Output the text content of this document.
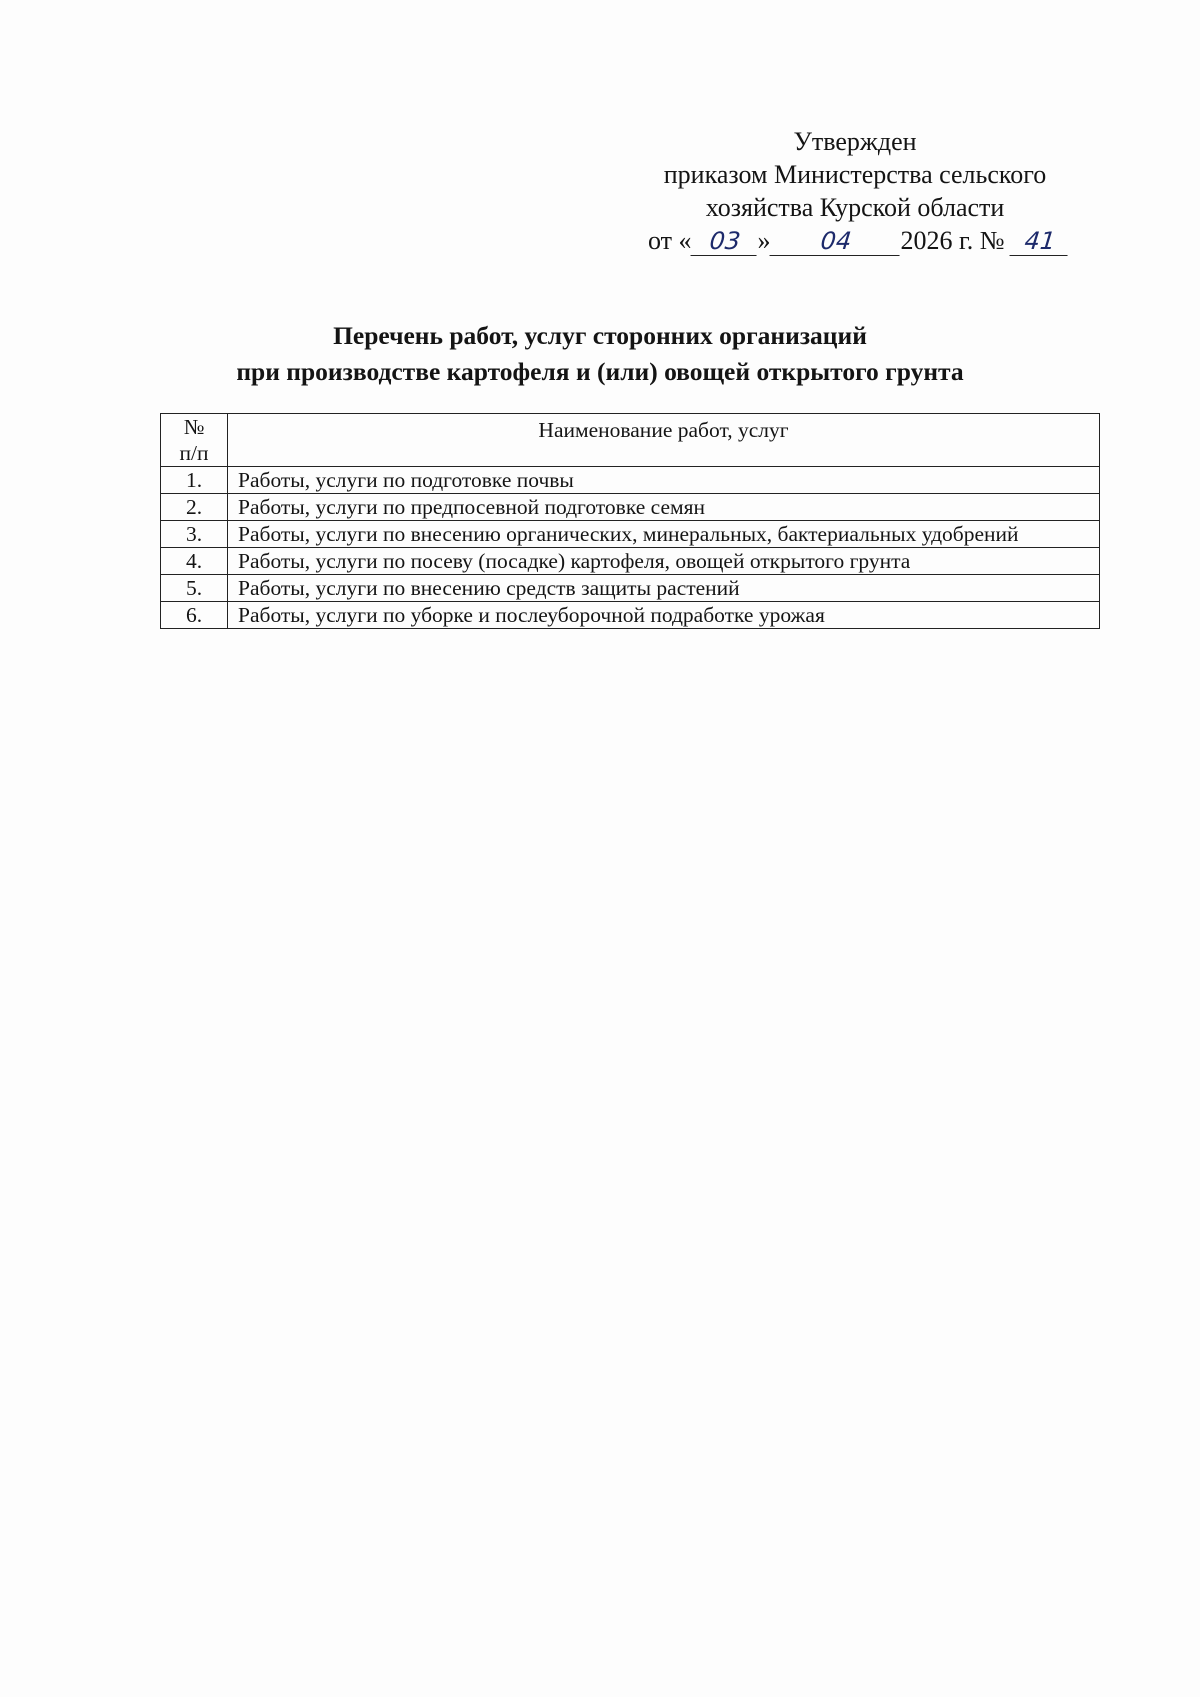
Утвержден
приказом Министерства сельского
хозяйства Курской области
от « 03 » 04 2026 г. № 41
Перечень работ, услуг сторонних организаций
при производстве картофеля и (или) овощей открытого грунта
№
п/п	Наименование работ, услуг
1.	Работы, услуги по подготовке почвы
2.	Работы, услуги по предпосевной подготовке семян
3.	Работы, услуги по внесению органических, минеральных, бактериальных удобрений
4.	Работы, услуги по посеву (посадке) картофеля, овощей открытого грунта
5.	Работы, услуги по внесению средств защиты растений
6.	Работы, услуги по уборке и послеуборочной подработке урожая
